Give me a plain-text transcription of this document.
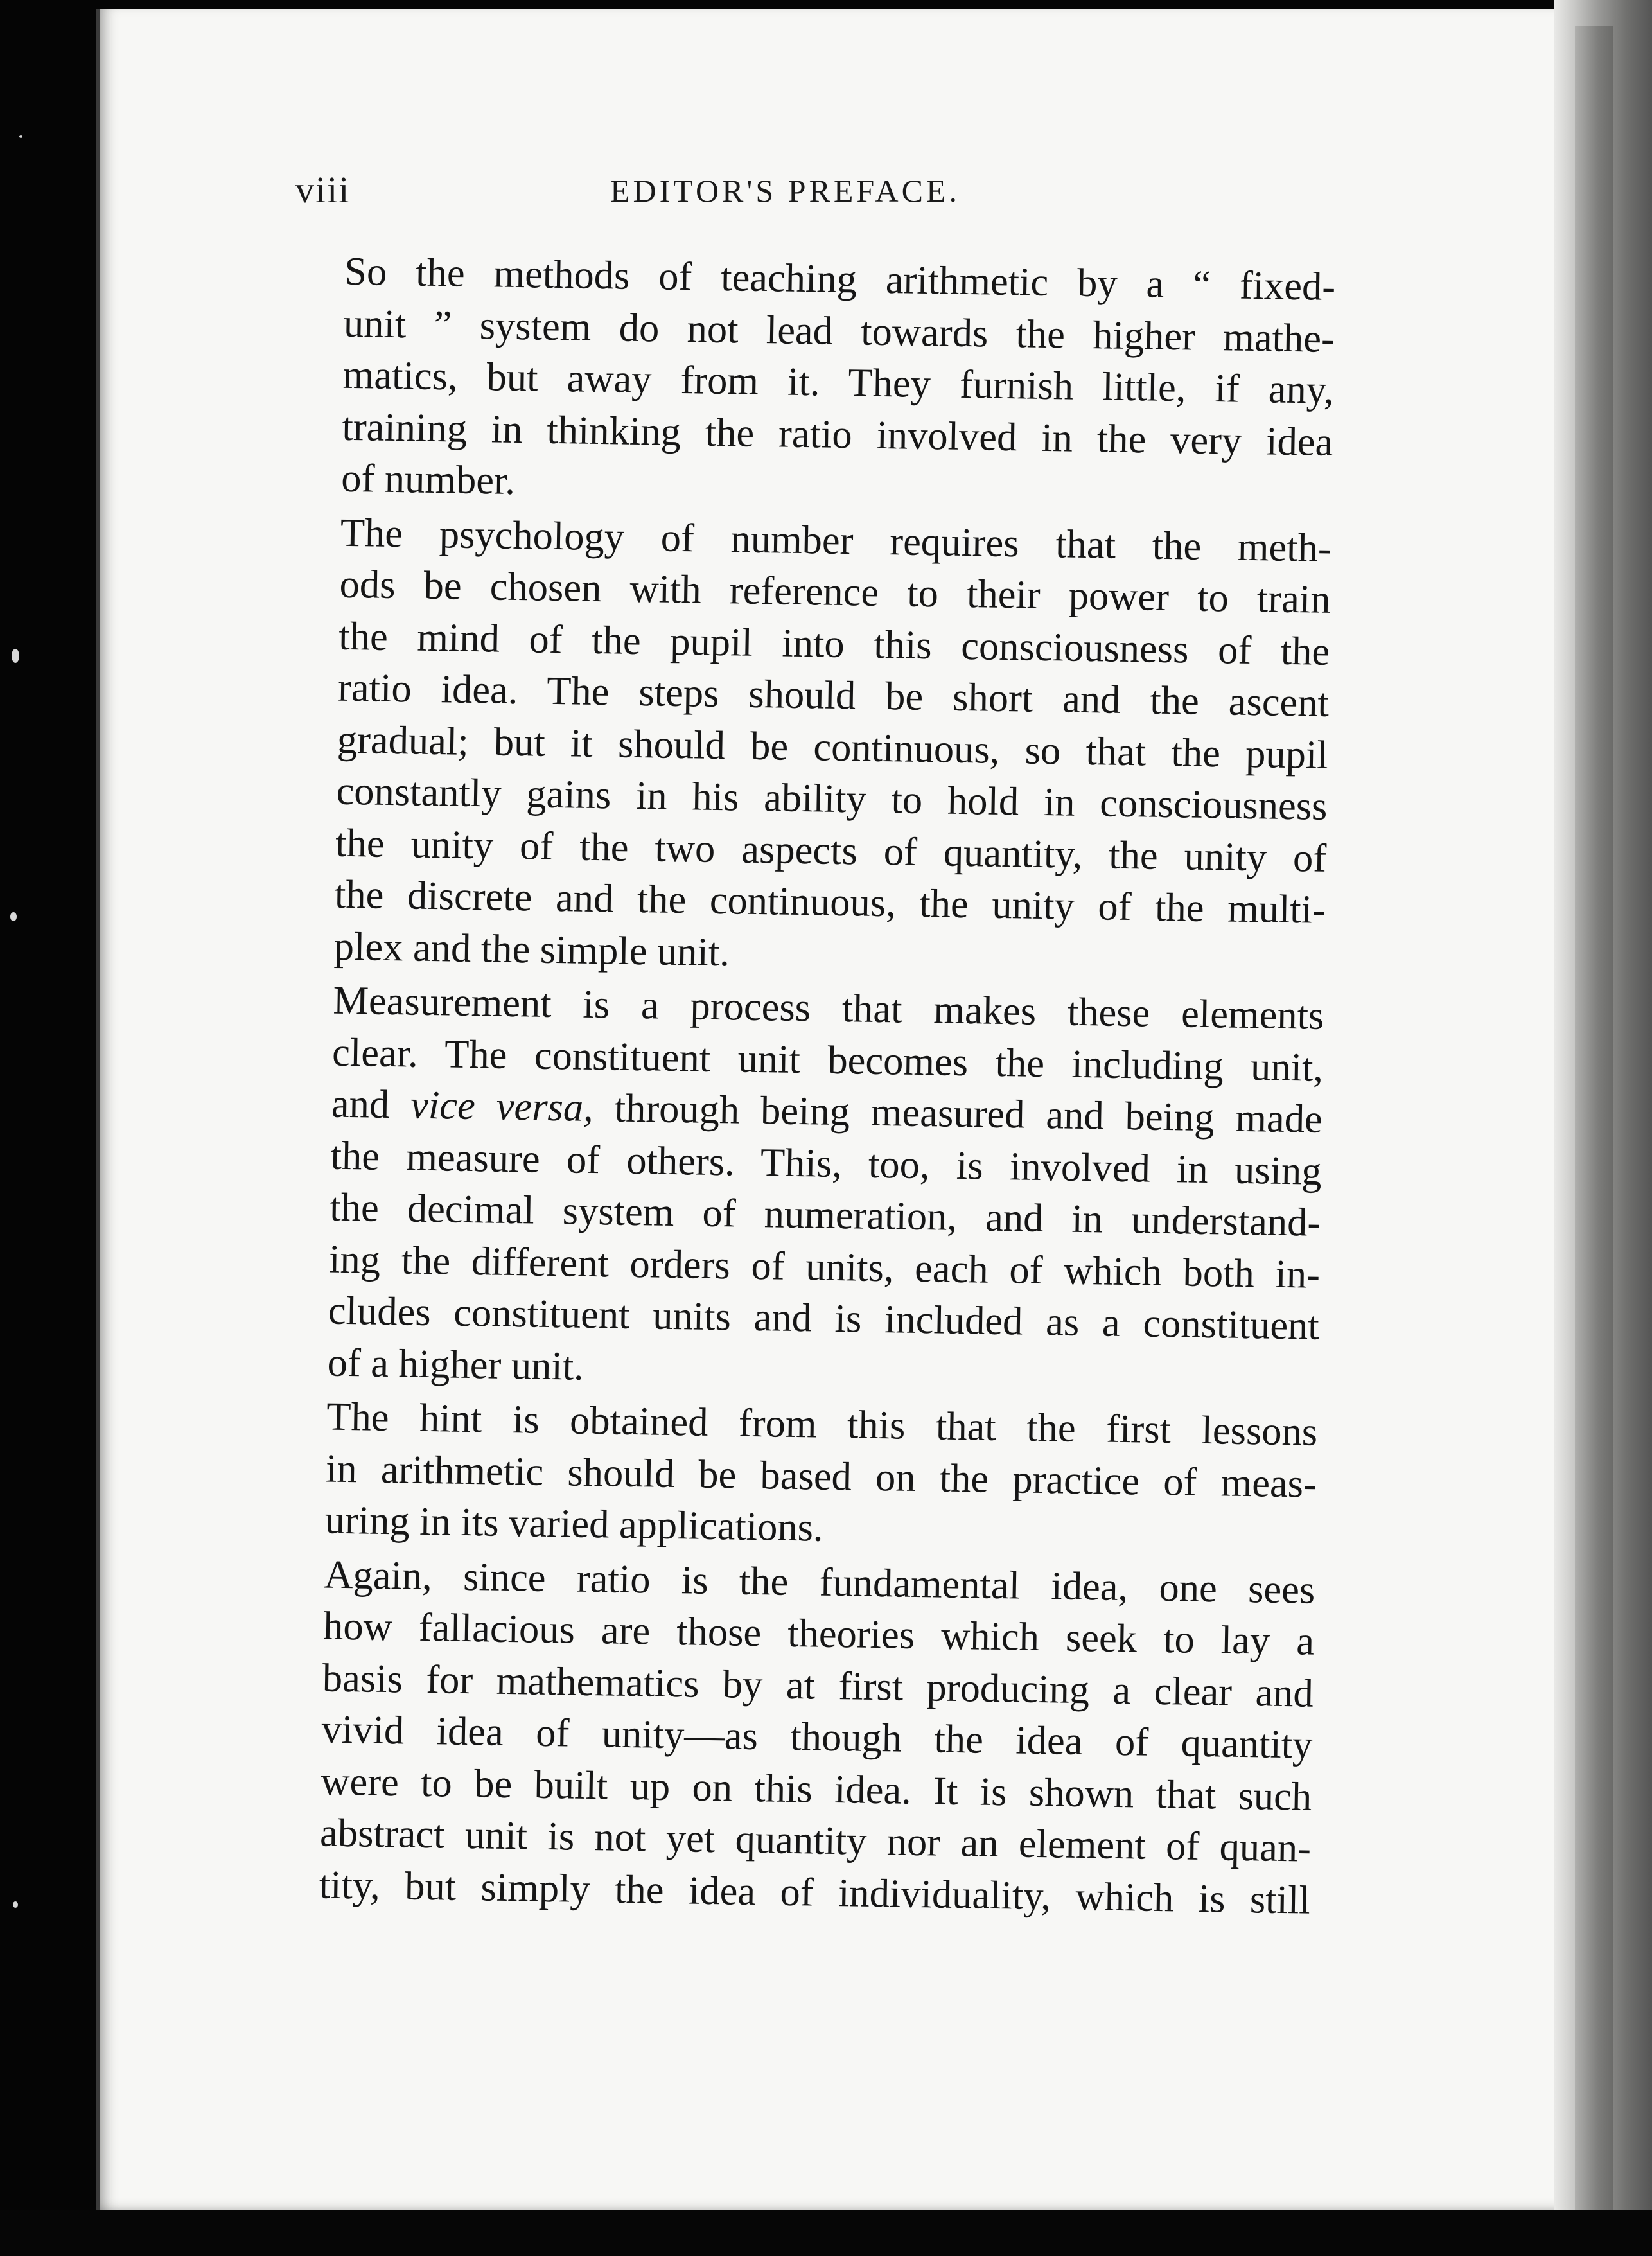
viii	EDITOR'S PREFACE.

So the methods of teaching arithmetic by a “ fixed-
unit ” system do not lead towards the higher mathe-
matics, but away from it. They furnish little, if any,
training in thinking the ratio involved in the very idea
of number.

The psychology of number requires that the meth-
ods be chosen with reference to their power to train
the mind of the pupil into this consciousness of the
ratio idea. The steps should be short and the ascent
gradual; but it should be continuous, so that the pupil
constantly gains in his ability to hold in consciousness
the unity of the two aspects of quantity, the unity of
the discrete and the continuous, the unity of the multi-
plex and the simple unit.

Measurement is a process that makes these elements
clear. The constituent unit becomes the including unit,
and vice versa, through being measured and being made
the measure of others. This, too, is involved in using
the decimal system of numeration, and in understand-
ing the different orders of units, each of which both in-
cludes constituent units and is included as a constituent
of a higher unit.

The hint is obtained from this that the first lessons
in arithmetic should be based on the practice of meas-
uring in its varied applications.

Again, since ratio is the fundamental idea, one sees
how fallacious are those theories which seek to lay a
basis for mathematics by at first producing a clear and
vivid idea of unity—as though the idea of quantity
were to be built up on this idea. It is shown that such
abstract unit is not yet quantity nor an element of quan-
tity, but simply the idea of individuality, which is still
